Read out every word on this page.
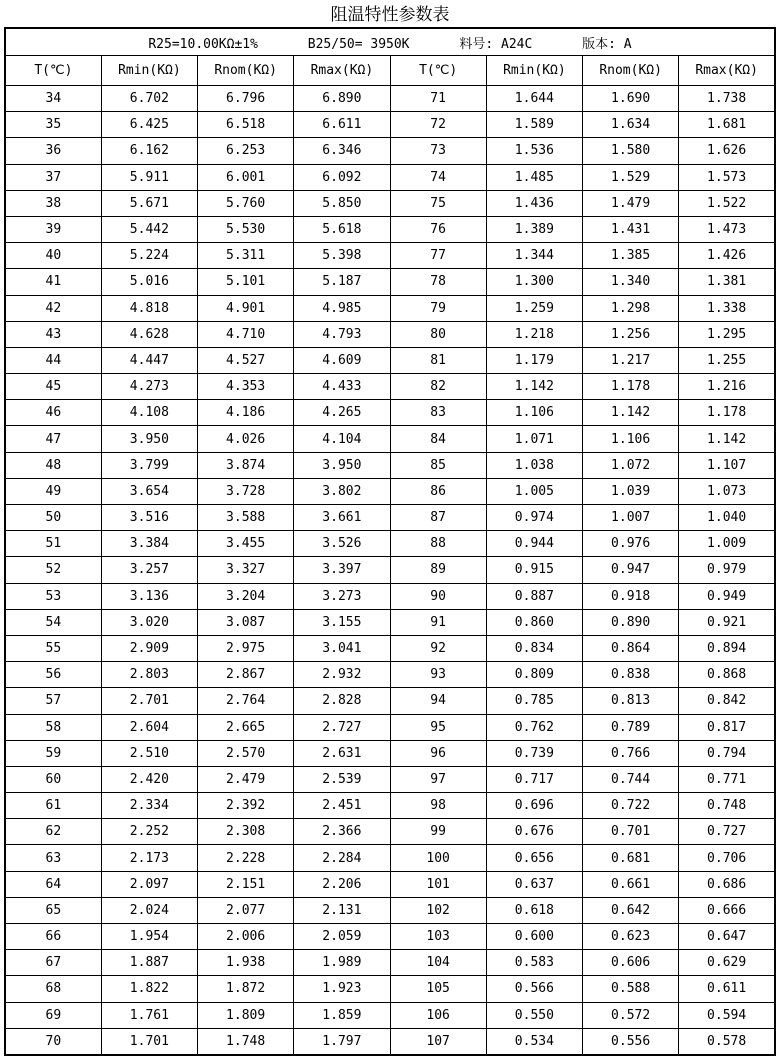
阻温特性参数表
R25=10.00KΩ±1% B25/50= 3950K 料号: A24C 版本: A							
T(℃)	Rmin(KΩ)	Rnom(KΩ)	Rmax(KΩ)	T(℃)	Rmin(KΩ)	Rnom(KΩ)	Rmax(KΩ)
34	6.702	6.796	6.890	71	1.644	1.690	1.738
35	6.425	6.518	6.611	72	1.589	1.634	1.681
36	6.162	6.253	6.346	73	1.536	1.580	1.626
37	5.911	6.001	6.092	74	1.485	1.529	1.573
38	5.671	5.760	5.850	75	1.436	1.479	1.522
39	5.442	5.530	5.618	76	1.389	1.431	1.473
40	5.224	5.311	5.398	77	1.344	1.385	1.426
41	5.016	5.101	5.187	78	1.300	1.340	1.381
42	4.818	4.901	4.985	79	1.259	1.298	1.338
43	4.628	4.710	4.793	80	1.218	1.256	1.295
44	4.447	4.527	4.609	81	1.179	1.217	1.255
45	4.273	4.353	4.433	82	1.142	1.178	1.216
46	4.108	4.186	4.265	83	1.106	1.142	1.178
47	3.950	4.026	4.104	84	1.071	1.106	1.142
48	3.799	3.874	3.950	85	1.038	1.072	1.107
49	3.654	3.728	3.802	86	1.005	1.039	1.073
50	3.516	3.588	3.661	87	0.974	1.007	1.040
51	3.384	3.455	3.526	88	0.944	0.976	1.009
52	3.257	3.327	3.397	89	0.915	0.947	0.979
53	3.136	3.204	3.273	90	0.887	0.918	0.949
54	3.020	3.087	3.155	91	0.860	0.890	0.921
55	2.909	2.975	3.041	92	0.834	0.864	0.894
56	2.803	2.867	2.932	93	0.809	0.838	0.868
57	2.701	2.764	2.828	94	0.785	0.813	0.842
58	2.604	2.665	2.727	95	0.762	0.789	0.817
59	2.510	2.570	2.631	96	0.739	0.766	0.794
60	2.420	2.479	2.539	97	0.717	0.744	0.771
61	2.334	2.392	2.451	98	0.696	0.722	0.748
62	2.252	2.308	2.366	99	0.676	0.701	0.727
63	2.173	2.228	2.284	100	0.656	0.681	0.706
64	2.097	2.151	2.206	101	0.637	0.661	0.686
65	2.024	2.077	2.131	102	0.618	0.642	0.666
66	1.954	2.006	2.059	103	0.600	0.623	0.647
67	1.887	1.938	1.989	104	0.583	0.606	0.629
68	1.822	1.872	1.923	105	0.566	0.588	0.611
69	1.761	1.809	1.859	106	0.550	0.572	0.594
70	1.701	1.748	1.797	107	0.534	0.556	0.578
